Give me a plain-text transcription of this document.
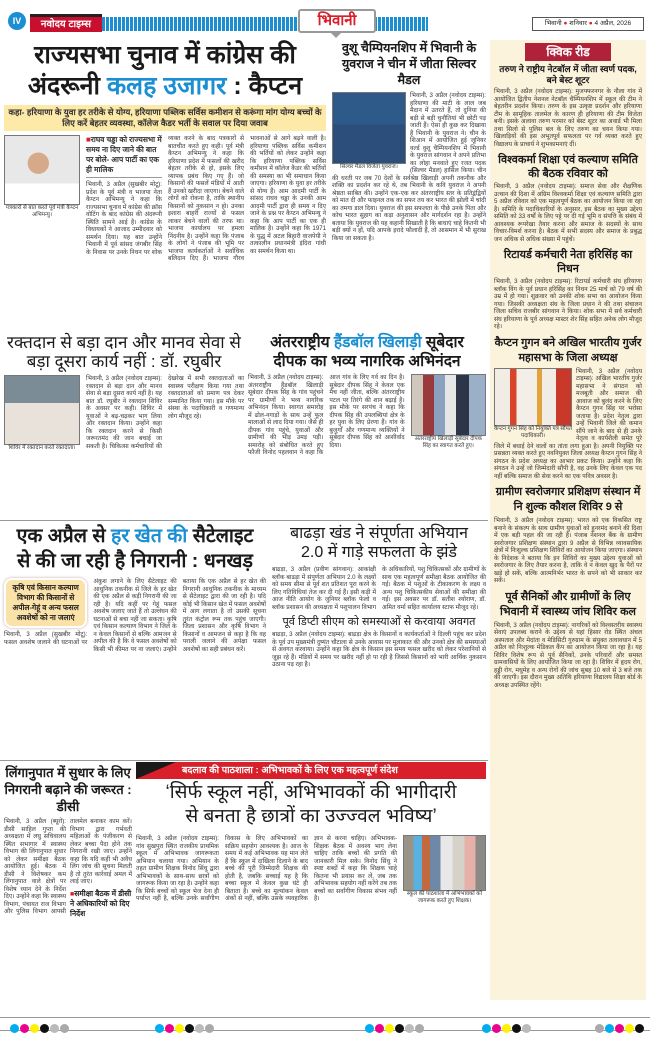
IV	नवोदय टाइम्स	भिवानी	भिवानी ● शनिवार ● 4 अप्रैल, 2026
राज्यसभा चुनाव में कांग्रेस की
अंदरूनी कलह उजागर : कैप्टन
कहा- हरियाणा के युवा हर तरीके से योग्य, हरियाणा पब्लिक सर्विस कमीशन से करूंगा मांग योग्य बच्चों के लिए करें बेहतर व्यवस्था, कॉलेज कैडर भर्ती के सवाल पर दिया जवाब
पत्रकारों से बात करते पूर्व मंत्री कैप्टन अभिमन्यु।
■राघव चड्ढा को राज्यसभा में समय ना दिए जाने की बात पर बोले- आप पार्टी का एक ही मालिक
भिवानी, 3 अप्रैल (सुखबीर मोटू): प्रदेश के पूर्व मंत्री व भाजपा नेता कैप्टन अभिमन्यु ने कहा कि राज्यसभा चुनाव में कांग्रेस की क्रॉस वोटिंग के बाद कांग्रेस की अंदरूनी स्थिति सामने आई है। कांग्रेस के विधायकों ने आजाद उम्मीदवार को समर्थन दिया। यह बात उन्होंने भिवानी में पूर्व सांसद जंगबीर सिंह के निवास पर उनके निधन पर शोक व्यक्त करने के बाद पत्रकारों से बातचीत करते हुए कही। पूर्व मंत्री कैप्टन अभिमन्यु ने कहा कि हरियाणा प्रदेश में फसलों की खरीद बेहतर तरीके से हो, इसके लिए व्यापक प्रबंध किए गए हैं। जो किसानों की फसलें मंडियों में आती हैं उनको खरीदा जाएगा। बेचने वाले लोगों को रोकना है, ताकि स्थानीय किसानों को नुकसान न हो। उनका इशारा बाहरी राज्यों से फसल लाकर बेचने वालों की तरफ था। भाजपा कार्यालय पर हमला निंदनीय है। उन्होंने कहा कि पंजाब के लोगों ने पंजाब की भूमि पर भाजपा कार्यकर्ताओं ने सर्वाधिक बलिदान दिए हैं। भाजपा गौरव भावनाओं से आगे बढ़ने वाली है। हरियाणा पब्लिक सर्विस कमीशन की भर्तियों को लेकर उन्होंने कहा कि हरियाणा पब्लिक सर्विस कमीशन में कॉलेज कैडर की भर्तियों की समस्या का भी समाधान किया जाएगा। हरियाणा के युवा हर तरीके से योग्य हैं। आम आदमी पार्टी के सांसद राघव चड्ढा के उनकी आम आदमी पार्टी द्वारा ही समय न दिए जाने के प्रश्न पर कैप्टन अभिमन्यु ने कहा कि आप पार्टी का एक ही मालिक है। उन्होंने कहा कि 1971 के युद्ध में अटल बिहारी वाजपेयी ने तत्कालीन प्रधानमंत्री इंदिरा गांधी का समर्थन किया था।
वुशू चैम्पियनशिप में भिवानी के युवराज ने चीन में जीता सिल्वर मैडल
सिल्वर मैडल विजेता युवराज।
भिवानी, 3 अप्रैल (नवोदय टाइम्स): हरियाणा की माटी के लाल जब मैदान में उतरते हैं, तो दुनिया की बड़ी से बड़ी चुनौतियां भी छोटी पड़ जाती हैं। ऐसा ही कुछ कर दिखाया है भिवानी के युवराज ने। चीन के शिआन में आयोजित हुई जूनियर वर्ल्ड वुशू चैम्पियनशिप में भिवानी के युवराज सांगवान ने अपने प्रतिभा का लोहा मनवाते हुए रजत पदक (सिल्वर मैडल) हासिल किया। चीन की धरती पर जब 70 देशों के सर्वश्रेष्ठ खिलाड़ी अपनी तकनीक और शक्ति का प्रदर्शन कर रहे थे, तब भिवानी के कवि युवराज ने अपनी श्रेष्ठता साबित की। उन्होंने एक-एक कर अंतरराष्ट्रीय स्तर के प्रतिद्वंद्वियों को मात दी और फाइनल तक का सफर तय कर भारत की झोली में चांदी का तमगा डाल दिया। युवराज की इस सफलता के पीछे उनके पिता और कोच भारत सुहाग का कड़ा अनुशासन और मार्गदर्शन रहा है। उन्होंने बताया कि युवराज की यह कहानी सिखाती है कि बाधाएं चाहे कितनी भी बड़ी क्यों न हों, यदि आपके इरादे फौलादी हैं, तो आसमान में भी सुराख किया जा सकता है।
क्विक रीड
तरुण ने राष्ट्रीय नेटबॉल में जीता स्वर्ण पदक, बने बेस्ट शूटर
भिवानी, 3 अप्रैल (नवोदय टाइम्स): मुजफ्फरनगर के नौला गांव में आयोजित द्वितीय नेशनल नेटबॉल चैम्पियनशिप में स्कूल की टीम ने बेहतरीन प्रदर्शन किया। तरुण के इस उत्कृष्ट प्रदर्शन और हरियाणा टीम के सामूहिक तालमेल के कारण ही हरियाणा की टीम विजेता बनी। इसके अलावा तरुण परमार को बेस्ट शूटर का अवार्ड भी मिला तथा सिलो से पुलिस बल के लिए तरुण का चयन किया गया। खिलाड़ियों की इस अभूतपूर्व सफलता पर गर्व व्यक्त करते हुए विद्यालय के प्राचार्य ने शुभकामनाएं दीं।
विश्वकर्मा शिक्षा एवं कल्याण समिति की बैठक रविवार को
भिवानी, 3 अप्रैल (नवोदय टाइम्स): समाज सेवा और शैक्षणिक उत्थान की दिशा में अग्रिम विश्वकर्मा शिक्षा एवं कल्याण समिति द्वारा 5 अप्रैल रविवार को एक महत्वपूर्ण बैठक का आयोजन किया जा रहा है। समिति के पदाधिकारियों के अनुसार, इस बैठक का मुख्य उद्देश्य समिति को 33 वर्षों के लिए पट्टे पर दी गई भूमि व संपत्ति के संबंध में आवश्यक रूपरेखा तैयार करना और समाज के सदस्यों के साथ विचार-विमर्श करना है। बैठक में सभी सदस्य और समाज के प्रबुद्ध जन अधिक से अधिक संख्या में पहुंचें।
रिटायर्ड कर्मचारी नेता हरिसिंह का निधन
भिवानी, 3 अप्रैल (नवोदय टाइम्स): रिटायर्ड कर्मचारी संघ हरियाणा ब्लॉक विंग के पूर्व प्रधान हरिसिंह का निधन 25 मार्च को 79 वर्ष की उम्र में हो गया। शुक्रवार को उनकी शोक सभा का आयोजन किया गया। जिसकी अध्यक्षता संघ के जिला प्रधान ने की तथा संचालन जिला सचिव राजबीर सांगवान ने किया। शोक सभा में सर्व कर्मचारी संघ हरियाणा के पूर्व अध्यक्ष मास्टर शेर सिंह सहित अनेक लोग मौजूद रहे।
कैप्टन गुगन बने अखिल भारतीय गुर्जर महासभा के जिला अध्यक्ष
कैप्टन गुगन सिंह को नियुक्ति पत्र सौंपते पदाधिकारी।
भिवानी, 3 अप्रैल (नवोदय टाइम्स): अखिल भारतीय गुर्जर महासभा ने संगठन को मजबूती और समाज की आवाज को बुलंद करने के लिए कैप्टन गुगन सिंह पर भरोसा जताया है। प्रदेश नेतृत्व द्वारा उन्हें भिवानी जिले की कमान सौंपे जाने के बाद से ही उनके नेतृत्व व कार्यशैली समेत पूरे जिले में बधाई देने वालों का तांता लगा हुआ है। अपनी नियुक्ति पर प्रसन्नता व्यक्त करते हुए नवनियुक्त जिला अध्यक्ष कैप्टन गुगन सिंह ने संगठन के प्रदेश अध्यक्ष का आभार प्रकट किया। उन्होंने कहा कि संगठन ने उन्हें जो जिम्मेदारी सौंपी है, वह उनके लिए केवल एक पद नहीं बल्कि समाज की सेवा करने का एक पवित्र अवसर है।
ग्रामीण स्वरोजगार प्रशिक्षण संस्थान में नि शुल्क कौशल शिविर 9 से
भिवानी, 3 अप्रैल (नवोदय टाइम्स): भारत को एक विकसित राष्ट्र बनाने के संकल्प के साथ ग्रामीण युवाओं को हुनरमंद बनाने की दिशा में एक बड़ी पहल की जा रही है। पंजाब नेशनल बैंक के ग्रामीण स्वरोजगार प्रशिक्षण संस्थान द्वारा 9 अप्रैल से विभिन्न व्यावसायिक क्षेत्रों में निःशुल्क प्रशिक्षण शिविरों का आयोजन किया जाएगा। संस्थान के निदेशक ने बताया कि इन शिविरों का मुख्य उद्देश्य युवाओं को स्वरोजगार के लिए तैयार करना है, ताकि वे न केवल खुद के पैरों पर खड़े हो सकें, बल्कि आत्मनिर्भर भारत के सपने को भी साकार कर सकें।
पूर्व सैनिकों और ग्रामीणों के लिए भिवानी में स्वास्थ्य जांच शिविर कल
भिवानी, 3 अप्रैल (नवोदय टाइम्स): नागरिकों को विश्वस्तरीय स्वास्थ्य सेवाएं उपलब्ध कराने के उद्देश्य से यहां हिसार रोड स्थित अंचल अस्पताल और मेदांता व मेडिसिटी गुरुग्राम के संयुक्त तत्वावधान में 5 अप्रैल को निःशुल्क मेडिकल कैंप का आयोजन किया जा रहा है। यह शिविर विशेष रूप से पूर्व सैनिकों, उनके परिवारों और समस्त ग्रामवासियों के लिए आयोजित किया जा रहा है। शिविर में हृदय रोग, हड्डी रोग, मधुमेह व अन्य रोगों की जांच सुबह 10 बजे से 3 बजे तक की जाएगी। इस दौरान मुख्य अतिथि हरियाणा विद्यालय शिक्षा बोर्ड के अध्यक्ष उपस्थित रहेंगे।
रक्तदान से बड़ा दान और मानव सेवा से बड़ा दूसरा कार्य नहीं : डॉ. रघुबीर
शिविर में रक्तदान करते रक्तदाता।
भिवानी, 3 अप्रैल (नवोदय टाइम्स): रक्तदान से बड़ा दान और मानव सेवा से बड़ा दूसरा कार्य नहीं है। यह बात डॉ. रघुबीर ने रक्तदान शिविर के अवसर पर कही। शिविर में युवाओं ने बढ़-चढ़कर भाग लिया और रक्तदान किया। उन्होंने कहा कि रक्तदान करने से किसी जरूरतमंद की जान बचाई जा सकती है। चिकित्सा कर्मचारियों की देखरेख में सभी रक्तदाताओं का स्वास्थ्य परीक्षण किया गया तथा रक्तदाताओं को प्रमाण पत्र देकर सम्मानित किया गया। इस मौके पर संस्था के पदाधिकारी व गणमान्य लोग मौजूद रहे।
अंतरराष्ट्रीय हैंडबॉल खिलाड़ी सूबेदार
दीपक का भव्य नागरिक अभिनंदन
भिवानी, 3 अप्रैल (नवोदय टाइम्स): अंतरराष्ट्रीय हैंडबॉल खिलाड़ी सूबेदार दीपक सिंह के गांव पहुंचने पर ग्रामीणों ने भव्य नागरिक अभिनंदन किया। स्वागत समारोह में ढोल-नगाड़ों के साथ उन्हें फूल मालाओं से लाद दिया गया। जैसे ही दीपक गांव पहुंचे, युवाओं और ग्रामीणों की भीड़ उमड़ पड़ी। समारोह को संबोधित करते हुए फौजी विनोद पहलवान ने कहा कि आज गांव के लिए गर्व का दिन है। सूबेदार दीपक सिंह ने केवल एक मैच नहीं जीता, बल्कि अंतरराष्ट्रीय पटल पर तिरंगे की शान बढ़ाई है। इस मौके पर सरपंच ने कहा कि दीपक सिंह की उपलब्धियां क्षेत्र के हर युवा के लिए प्रेरणा हैं। गांव के बुजुर्गों और गणमान्य व्यक्तियों ने सूबेदार दीपक सिंह को आशीर्वाद दिया।
अंतरराष्ट्रीय खिलाड़ी सूबेदार दीपक सिंह का स्वागत करते हुए।
एक अप्रैल से हर खेत की सैटेलाइट
से की जा रही है निगरानी : धनखड़
कृषि एवं किसान कल्याण विभाग की किसानों से अपील-गेहूं व अन्य फसल अवशेषों को ना जलाएं
भिवानी, 3 अप्रैल (सुखबीर मोटू): फसल अवशेष जलाने की घटनाओं पर अंकुश लगाने के लिए सैटेलाइट की आधुनिक तकनीक से जिले के हर खेत की एक अप्रैल से कड़ी निगरानी की जा रही है। यदि कहीं पर गेहूं फसल अवशेष जलाए जाते हैं तो उल्लंघन की घटनाओं से बचा नहीं जा सकता। कृषि एवं किसान कल्याण विभाग ने जिले के न केवल किसानों से बल्कि आमजन से अपील की है कि वे फसल अवशेषों को किसी भी कीमत पर ना जलाएं। उन्होंने बताया कि एक अप्रैल से हर खेत की निगरानी आधुनिक तकनीक के माध्यम से सैटेलाइट द्वारा की जा रही है। यदि कोई भी किसान खेत में फसल अवशेषों में आग लगाता है तो उसकी सूचना तुरंत कंट्रोल रूम तक पहुंच जाएगी। जिला प्रशासन और कृषि विभाग ने किसानों व आमजन से कहा है कि वह पराली जलाने की अपेक्षा फसल अवशेषों का सही प्रबंधन करें।
बाढड़ा खंड ने संपूर्णता अभियान
2.0 में गाड़े सफलता के झंडे
बाढड़ा, 3 अप्रैल (प्रवीण सांगवान): आकांक्षी ब्लॉक बाढड़ा में संपूर्णता अभियान 2.0 के लक्ष्यों को समय सीमा से पूर्व शत प्रतिशत पूरा करने के लिए गतिविधियां तेज कर दी गई हैं। इसी कड़ी में आज नीति आयोग के जुनियर ब्लॉक फेलो व ब्लॉक प्रशासन की अध्यक्षता में पशुपालन विभाग के अधिकारियों, पशु चिकित्सकों और ग्रामीणों के साथ एक महत्वपूर्ण समीक्षा बैठक आयोजित की गई। बैठक में पशुओं के टीकाकरण के लक्ष्य व अन्य पशु चिकित्सकीय सेवाओं की समीक्षा की गई। इस अवसर पर डॉ. सतीश श्योराण, डॉ. अमित वर्मा सहित कार्यालय स्टाफ मौजूद रहे।
पूर्व डिप्टी सीएम को समस्याओं से करवाया अवगत
बाढड़ा, 3 अप्रैल (नवोदय टाइम्स): बाढड़ा क्षेत्र के किसानों व कार्यकर्ताओं ने दिल्ली पहुंच कर प्रदेश के पूर्व उप मुख्यमंत्री दुष्यंत चौटाला से उनके आवास पर मुलाकात की और उनको क्षेत्र की समस्याओं से अवगत करवाया। उन्होंने कहा कि क्षेत्र के किसान इस समय फसल खरीद को लेकर परेशानियों से जूझ रहे हैं। मंडियों में समय पर खरीद नहीं हो पा रही है जिससे किसानों को भारी आर्थिक नुकसान उठाना पड़ रहा है।
लिंगानुपात में सुधार के लिए निगरानी बढ़ाने की जरूरत : डीसी
भिवानी, 3 अप्रैल (ब्यूरो): डीसी साहिल गुप्ता की अध्यक्षता में लघु सचिवालय स्थित सभागार में स्वास्थ्य विभाग की लिंगानुपात सुधार को लेकर समीक्षा बैठक आयोजित हुई। बैठक में डीसी ने विशेषकर कम लिंगानुपात वाले क्षेत्रों पर विशेष ध्यान देने के निर्देश दिए। उन्होंने कहा कि स्वास्थ्य विभाग, पंचायत राज विभाग और पुलिस विभाग आपसी तालमेल बनाकर काम करें। विभाग द्वारा गर्भवती महिलाओं के पंजीकरण से लेकर बच्चा पैदा होने तक निगरानी रखी जाए। उन्होंने कहा कि यदि कहीं भी अवैध लिंग जांच की सूचना मिलती है तो तुरंत कार्रवाई अमल में लाई जाए।
■समीक्षा बैठक में डीसी ने अधिकारियों को दिए निर्देश
बदलाव की पाठशाला : अभिभावकों के लिए एक महत्वपूर्ण संदेश
‘सिर्फ स्कूल नहीं, अभिभावकों की भागीदारी
से बनता है छात्रों का उज्ज्वल भविष्य’
भिवानी, 3 अप्रैल (नवोदय टाइम्स): गांव सुखपुरा स्थित राजकीय प्राथमिक स्कूल में अभिभावक जागरूकता अभियान चलाया गया। अभियान के तहत ग्रामीण शिक्षक विनोद सिंधु द्वारा अभिभावकों के साथ-साथ छात्रों को जागरूक किया जा रहा है। उन्होंने कहा कि सिर्फ बच्चों को स्कूल भेज देना ही पर्याप्त नहीं है, बल्कि उनके सर्वांगीण विकास के लिए अभिभावकों का सक्रिय सहयोग आवश्यक है। आज के समय में कई अभिभावक यह मान लेते हैं कि स्कूल में दाखिला दिलाने के बाद बच्चे की पूरी जिम्मेदारी शिक्षक की होती है, जबकि सच्चाई यह है कि बच्चा स्कूल में केवल कुछ घंटे ही बिताता है। बच्चे का मूल्यांकन केवल अंकों से नहीं, बल्कि उसके व्यवहारिक ज्ञान से करना चाहिए। अभिभावक-शिक्षक बैठक में अवश्य भाग लेना चाहिए ताकि बच्चों की प्रगति की जानकारी मिल सके। विनोद सिंधु ने स्पष्ट शब्दों में कहा कि शिक्षक चाहे कितना भी प्रयास कर लें, जब तक अभिभावक सहयोग नहीं करेंगे तब तक बच्चों का सर्वांगीण विकास संभव नहीं है।
स्कूल की पाठशाला में अभिभावकों को जागरूक करते हुए शिक्षक।
